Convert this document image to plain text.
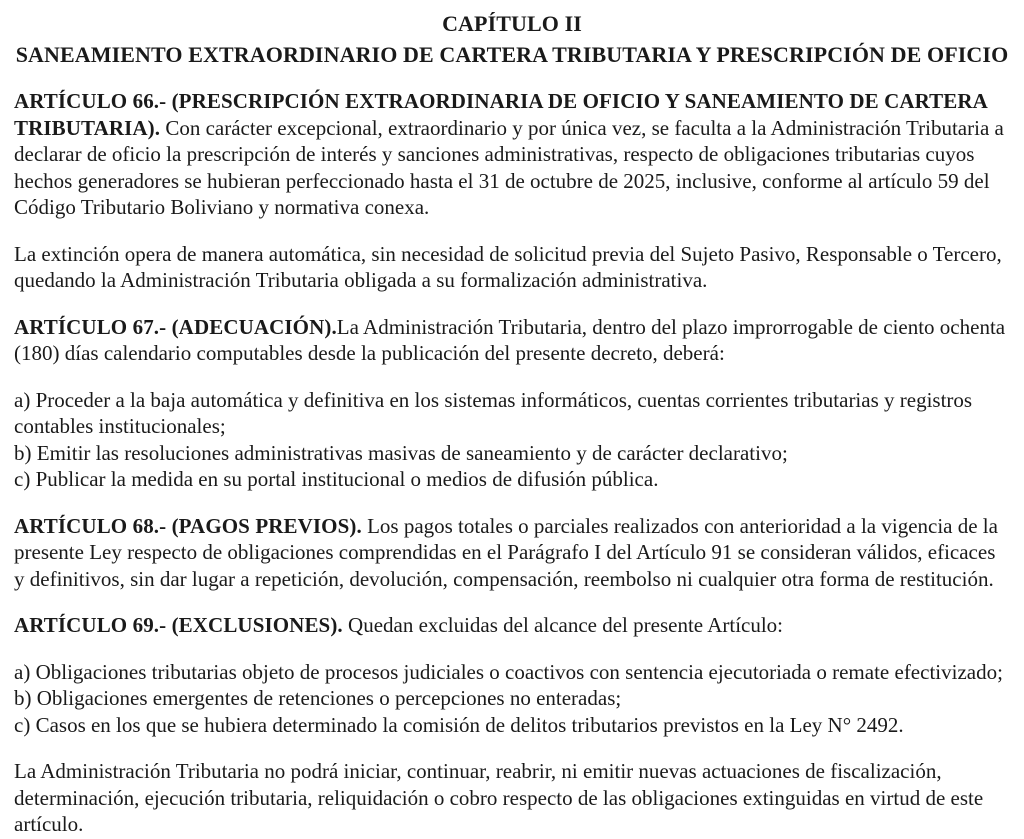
CAPÍTULO II
SANEAMIENTO EXTRAORDINARIO DE CARTERA TRIBUTARIA Y PRESCRIPCIÓN DE OFICIO

ARTÍCULO 66.- (PRESCRIPCIÓN EXTRAORDINARIA DE OFICIO Y SANEAMIENTO DE CARTERA TRIBUTARIA). Con carácter excepcional, extraordinario y por única vez, se faculta a la Administración Tributaria a declarar de oficio la prescripción de interés y sanciones administrativas, respecto de obligaciones tributarias cuyos hechos generadores se hubieran perfeccionado hasta el 31 de octubre de 2025, inclusive, conforme al artículo 59 del Código Tributario Boliviano y normativa conexa.

La extinción opera de manera automática, sin necesidad de solicitud previa del Sujeto Pasivo, Responsable o Tercero, quedando la Administración Tributaria obligada a su formalización administrativa.

ARTÍCULO 67.- (ADECUACIÓN).La Administración Tributaria, dentro del plazo improrrogable de ciento ochenta (180) días calendario computables desde la publicación del presente decreto, deberá:

a) Proceder a la baja automática y definitiva en los sistemas informáticos, cuentas corrientes tributarias y registros contables institucionales;
b) Emitir las resoluciones administrativas masivas de saneamiento y de carácter declarativo;
c) Publicar la medida en su portal institucional o medios de difusión pública.

ARTÍCULO 68.- (PAGOS PREVIOS). Los pagos totales o parciales realizados con anterioridad a la vigencia de la presente Ley respecto de obligaciones comprendidas en el Parágrafo I del Artículo 91 se consideran válidos, eficaces y definitivos, sin dar lugar a repetición, devolución, compensación, reembolso ni cualquier otra forma de restitución.

ARTÍCULO 69.- (EXCLUSIONES). Quedan excluidas del alcance del presente Artículo:

a) Obligaciones tributarias objeto de procesos judiciales o coactivos con sentencia ejecutoriada o remate efectivizado;
b) Obligaciones emergentes de retenciones o percepciones no enteradas;
c) Casos en los que se hubiera determinado la comisión de delitos tributarios previstos en la Ley N° 2492.

La Administración Tributaria no podrá iniciar, continuar, reabrir, ni emitir nuevas actuaciones de fiscalización, determinación, ejecución tributaria, reliquidación o cobro respecto de las obligaciones extinguidas en virtud de este artículo.
